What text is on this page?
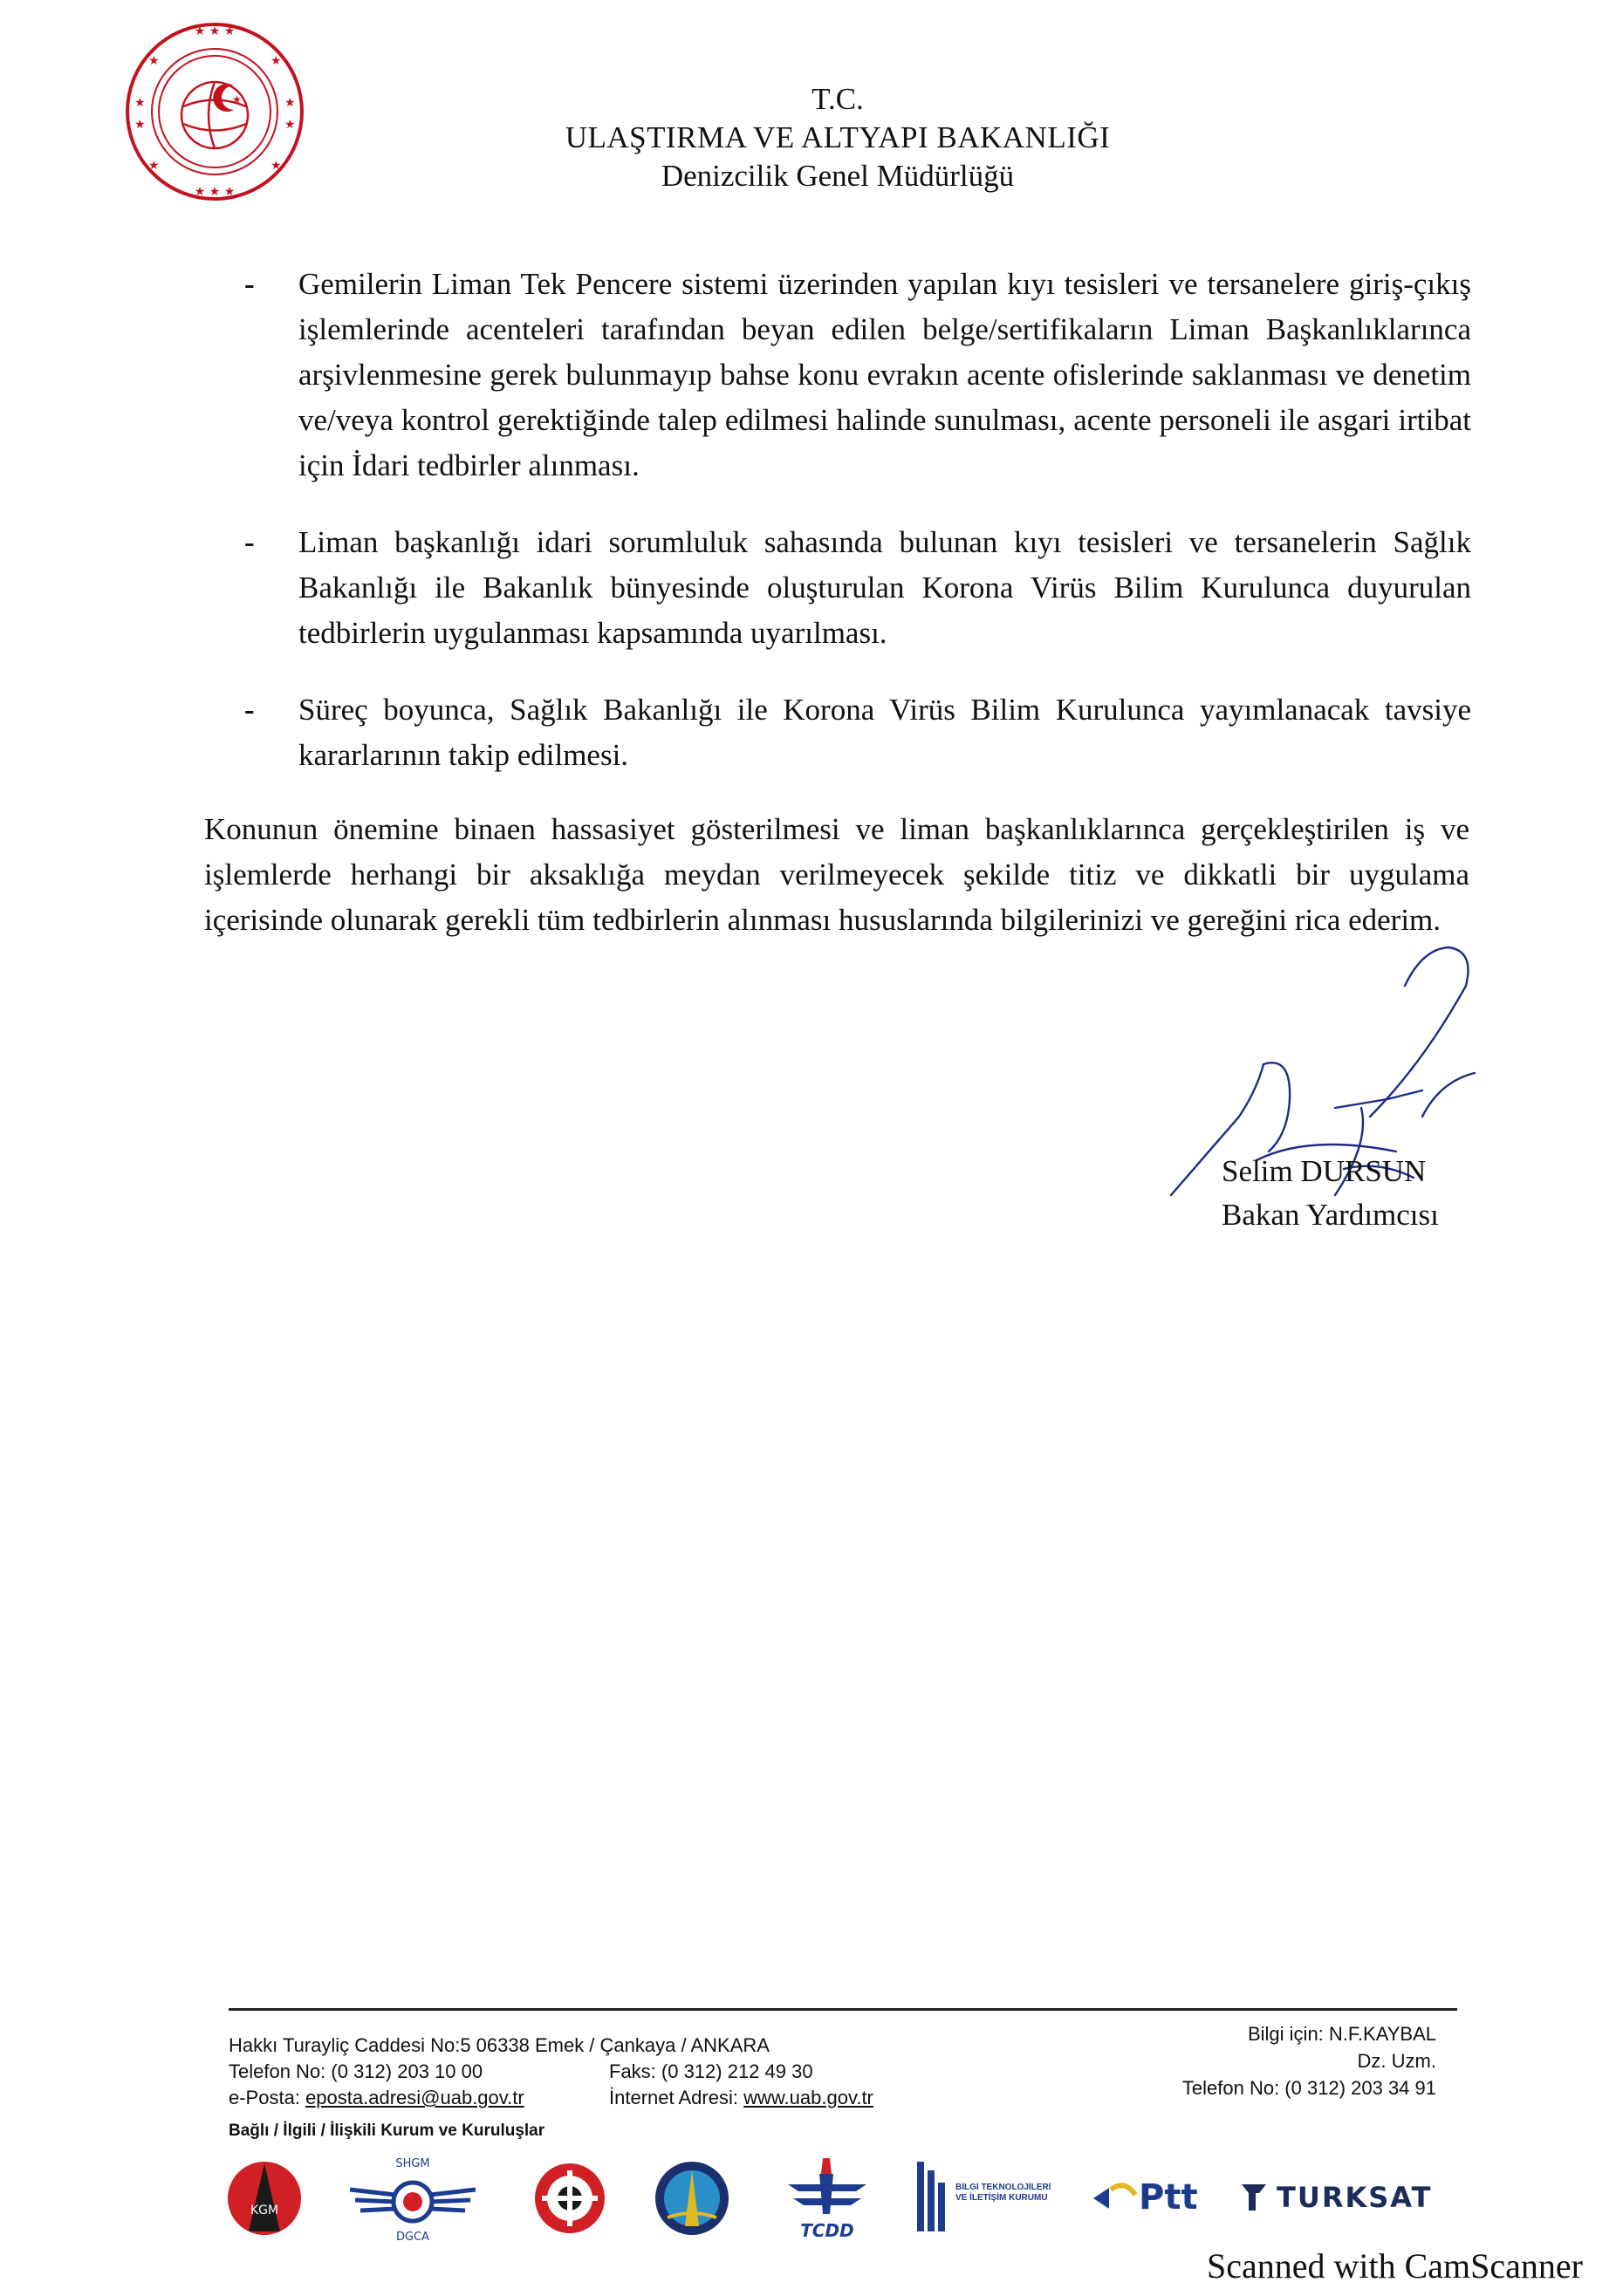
★ ★ ★
★ ★ ★
★
★
★
★
★	★
★	★
★	T.C.
ULAŞTIRMA VE ALTYAPI BAKANLIĞI
Denizcilik Genel Müdürlüğü
- Gemilerin Liman Tek Pencere sistemi üzerinden yapılan kıyı tesisleri ve tersanelere giriş-çıkış işlemlerinde acenteleri tarafından beyan edilen belge/sertifikaların Liman Başkanlıklarınca arşivlenmesine gerek bulunmayıp bahse konu evrakın acente ofislerinde saklanması ve denetim ve/veya kontrol gerektiğinde talep edilmesi halinde sunulması, acente personeli ile asgari irtibat için İdari tedbirler alınması.
- Liman başkanlığı idari sorumluluk sahasında bulunan kıyı tesisleri ve tersanelerin Sağlık Bakanlığı ile Bakanlık bünyesinde oluşturulan Korona Virüs Bilim Kurulunca duyurulan tedbirlerin uygulanması kapsamında uyarılması.
- Süreç boyunca, Sağlık Bakanlığı ile Korona Virüs Bilim Kurulunca yayımlanacak tavsiye kararlarının takip edilmesi.
Konunun önemine binaen hassasiyet gösterilmesi ve liman başkanlıklarınca gerçekleştirilen iş ve işlemlerde herhangi bir aksaklığa meydan verilmeyecek şekilde titiz ve dikkatli bir uygulama içerisinde olunarak gerekli tüm tedbirlerin alınması hususlarında bilgilerinizi ve gereğini rica ederim.
Selim DURSUN
Bakan Yardımcısı
Hakkı Turayliç Caddesi No:5 06338 Emek / Çankaya / ANKARA
Telefon No: (0 312) 203 10 00	Faks: (0 312) 212 49 30
e-Posta: eposta.adresi@uab.gov.tr	İnternet Adresi: www.uab.gov.tr
Bilgi için: N.F.KAYBAL
Dz. Uzm.
Telefon No: (0 312) 203 34 91
Bağlı / İlgili / İlişkili Kurum ve Kuruluşlar
KGM
SHGM
DGCA	TCDD
BİLGİ TEKNOLOJİLERİ VE İLETİŞİM KURUMU	Ptt	TURKSAT
Scanned with CamScanner
